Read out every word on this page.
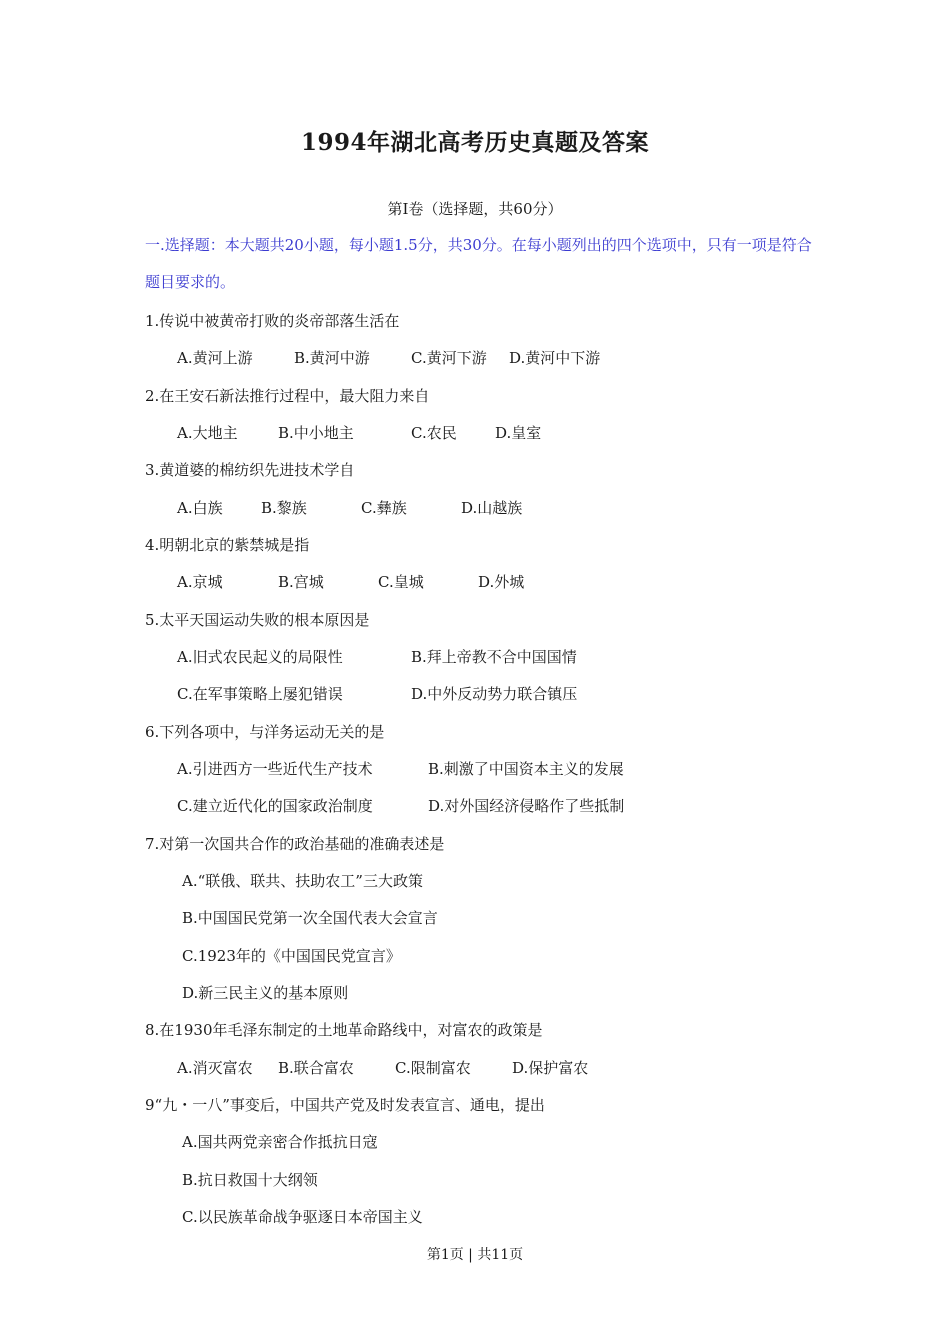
1994年湖北高考历史真题及答案
第Ⅰ卷（选择题，共60分）
一.选择题：本大题共20小题，每小题1.5分，共30分。在每小题列出的四个选项中，只有一项是符合题目要求的。
1.传说中被黄帝打败的炎帝部落生活在
A.黄河上游	B.黄河中游	C.黄河下游 D.黄河中下游
2.在王安石新法推行过程中，最大阻力来自
A.大地主	B.中小地主	C.农民	D.皇室
3.黄道婆的棉纺织先进技术学自
A.白族	B.黎族	C.彝族	D.山越族
4.明朝北京的紫禁城是指
A.京城	B.宫城	C.皇城	D.外城
5.太平天国运动失败的根本原因是
A.旧式农民起义的局限性	B.拜上帝教不合中国国情
C.在军事策略上屡犯错误	D.中外反动势力联合镇压
6.下列各项中，与洋务运动无关的是
A.引进西方一些近代生产技术	B.刺激了中国资本主义的发展
C.建立近代化的国家政治制度	D.对外国经济侵略作了些抵制
7.对第一次国共合作的政治基础的准确表述是
A.“联俄、联共、扶助农工”三大政策
B.中国国民党第一次全国代表大会宣言
C.1923年的《中国国民党宣言》
D.新三民主义的基本原则
8.在1930年毛泽东制定的土地革命路线中，对富农的政策是
A.消灭富农 B.联合富农	C.限制富农	D.保护富农
9“九・一八”事变后，中国共产党及时发表宣言、通电，提出
A.国共两党亲密合作抵抗日寇
B.抗日救国十大纲领
C.以民族革命战争驱逐日本帝国主义
第1页 | 共11页
